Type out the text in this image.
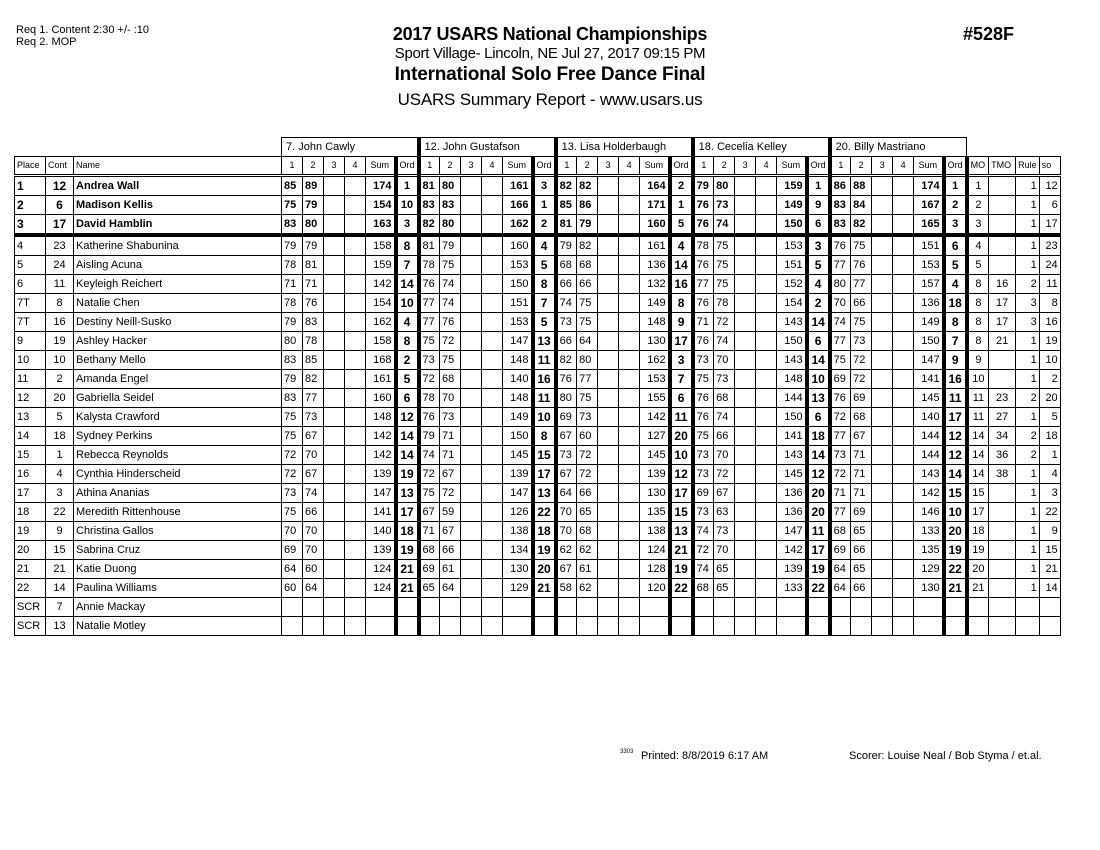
Req 1. Content 2:30 +/- :10
Req 2. MOP	2017 USARS National Championships
Sport Village- Lincoln, NE Jul 27, 2017 09:15 PM
International Solo Free Dance Final
USARS Summary Report - www.usars.us
#528F
			7. John Cawly						12. John Gustafson						13. Lisa Holderbaugh						18. Cecelia Kelley						20. Billy Mastriano									
Place	Cont	Name	1	2	3	4	Sum	Ord	1	2	3	4	Sum	Ord	1	2	3	4	Sum	Ord	1	2	3	4	Sum	Ord	1	2	3	4	Sum	Ord	MO	TMO	Rule	so
1	12	Andrea Wall	85	89			174	1	81	80			161	3	82	82			164	2	79	80			159	1	86	88			174	1	1		1	12
2	6	Madison Kellis	75	79			154	10	83	83			166	1	85	86			171	1	76	73			149	9	83	84			167	2	2		1	6
3	17	David Hamblin	83	80			163	3	82	80			162	2	81	79			160	5	76	74			150	6	83	82			165	3	3		1	17
4	23	Katherine Shabunina	79	79			158	8	81	79			160	4	79	82			161	4	78	75			153	3	76	75			151	6	4		1	23
5	24	Aisling Acuna	78	81			159	7	78	75			153	5	68	68			136	14	76	75			151	5	77	76			153	5	5		1	24
6	11	Keyleigh Reichert	71	71			142	14	76	74			150	8	66	66			132	16	77	75			152	4	80	77			157	4	8	16	2	11
7T	8	Natalie Chen	78	76			154	10	77	74			151	7	74	75			149	8	76	78			154	2	70	66			136	18	8	17	3	8
7T	16	Destiny Neill-Susko	79	83			162	4	77	76			153	5	73	75			148	9	71	72			143	14	74	75			149	8	8	17	3	16
9	19	Ashley Hacker	80	78			158	8	75	72			147	13	66	64			130	17	76	74			150	6	77	73			150	7	8	21	1	19
10	10	Bethany Mello	83	85			168	2	73	75			148	11	82	80			162	3	73	70			143	14	75	72			147	9	9		1	10
11	2	Amanda Engel	79	82			161	5	72	68			140	16	76	77			153	7	75	73			148	10	69	72			141	16	10		1	2
12	20	Gabriella Seidel	83	77			160	6	78	70			148	11	80	75			155	6	76	68			144	13	76	69			145	11	11	23	2	20
13	5	Kalysta Crawford	75	73			148	12	76	73			149	10	69	73			142	11	76	74			150	6	72	68			140	17	11	27	1	5
14	18	Sydney Perkins	75	67			142	14	79	71			150	8	67	60			127	20	75	66			141	18	77	67			144	12	14	34	2	18
15	1	Rebecca Reynolds	72	70			142	14	74	71			145	15	73	72			145	10	73	70			143	14	73	71			144	12	14	36	2	1
16	4	Cynthia Hinderscheid	72	67			139	19	72	67			139	17	67	72			139	12	73	72			145	12	72	71			143	14	14	38	1	4
17	3	Athina Ananias	73	74			147	13	75	72			147	13	64	66			130	17	69	67			136	20	71	71			142	15	15		1	3
18	22	Meredith Rittenhouse	75	66			141	17	67	59			126	22	70	65			135	15	73	63			136	20	77	69			146	10	17		1	22
19	9	Christina Gallos	70	70			140	18	71	67			138	18	70	68			138	13	74	73			147	11	68	65			133	20	18		1	9
20	15	Sabrina Cruz	69	70			139	19	68	66			134	19	62	62			124	21	72	70			142	17	69	66			135	19	19		1	15
21	21	Katie Duong	64	60			124	21	69	61			130	20	67	61			128	19	74	65			139	19	64	65			129	22	20		1	21
22	14	Paulina Williams	60	64			124	21	65	64			129	21	58	62			120	22	68	65			133	22	64	66			130	21	21		1	14
SCR	7	Annie Mackay																																		
SCR	13	Natalie Motley																																		
3303 Printed: 8/8/2019 6:17 AM	Scorer: Louise Neal / Bob Styma / et.al.
